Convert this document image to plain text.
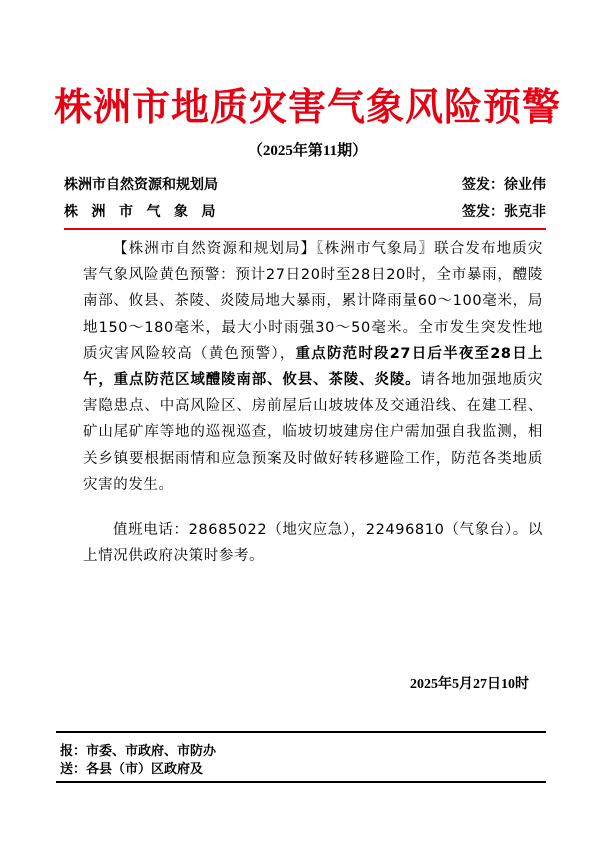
株洲市地质灾害气象风险预警
（2025年第11期）
株洲市自然资源和规划局	签发：徐业伟
株洲市气象局	签发：张克非
【株洲市自然资源和规划局】〖株洲市气象局〗联合发布地质灾害气象风险黄色预警：预计27日20时至28日20时，全市暴雨，醴陵南部、攸县、茶陵、炎陵局地大暴雨，累计降雨量60～100毫米，局地150～180毫米，最大小时雨强30～50毫米。全市发生突发性地质灾害风险较高（黄色预警），重点防范时段27日后半夜至28日上午，重点防范区域醴陵南部、攸县、茶陵、炎陵。请各地加强地质灾害隐患点、中高风险区、房前屋后山坡坡体及交通沿线、在建工程、矿山尾矿库等地的巡视巡查，临坡切坡建房住户需加强自我监测，相关乡镇要根据雨情和应急预案及时做好转移避险工作，防范各类地质灾害的发生。
值班电话：28685022（地灾应急），22496810（气象台）。以上情况供政府决策时参考。
2025年5月27日10时
报：市委、市政府、市防办
送：各县（市）区政府及
